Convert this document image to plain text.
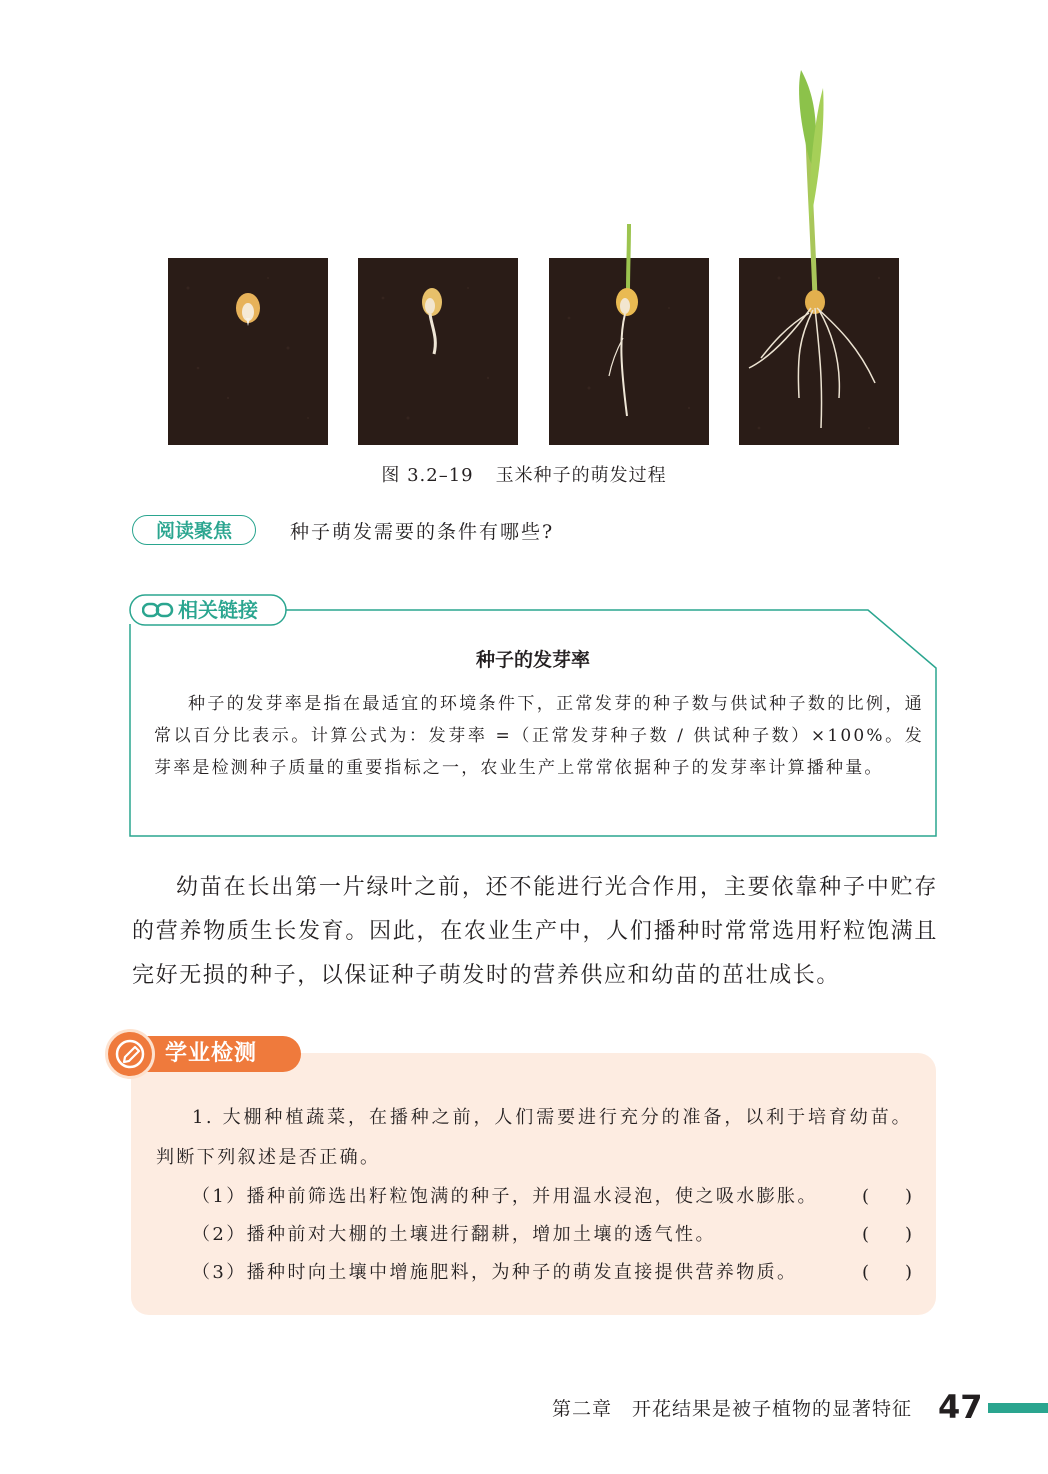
图 3.2–19 玉米种子的萌发过程
阅读聚焦	种子萌发需要的条件有哪些?
相关链接
种子的发芽率

种子的发芽率是指在最适宜的环境条件下，正常发芽的种子数与供试种子数的比例，通常以百分比表示。计算公式为：发芽率 =（正常发芽种子数 / 供试种子数）×100%。发芽率是检测种子质量的重要指标之一，农业生产上常常依据种子的发芽率计算播种量。

幼苗在长出第一片绿叶之前，还不能进行光合作用，主要依靠种子中贮存的营养物质生长发育。因此，在农业生产中，人们播种时常常选用籽粒饱满且完好无损的种子，以保证种子萌发时的营养供应和幼苗的茁壮成长。

学业检测

1. 大棚种植蔬菜，在播种之前，人们需要进行充分的准备，以利于培育幼苗。判断下列叙述是否正确。

（1）播种前筛选出籽粒饱满的种子，并用温水浸泡，使之吸水膨胀。 (　　)
（2）播种前对大棚的土壤进行翻耕，增加土壤的透气性。	(　　)
（3）播种时向土壤中增施肥料，为种子的萌发直接提供营养物质。	(　　)
第二章　开花结果是被子植物的显著特征 47
